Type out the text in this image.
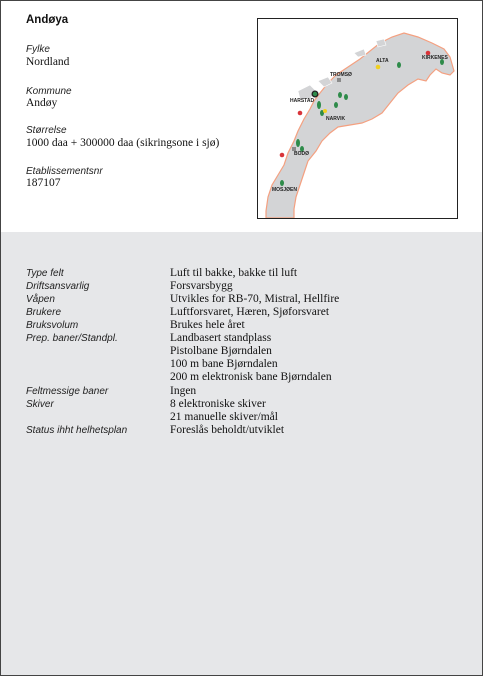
Andøya
Fylke
Nordland
Kommune
Andøy
Størrelse
1000 daa + 300000 daa (sikringsone i sjø)
Etablissementsnr
187107
TROMSØ
ALTA	KIRKENES
HARSTAD
NARVIK
BODØ
MOSJØEN
Type felt	Luft til bakke, bakke til luft
Driftsansvarlig	Forsvarsbygg
Våpen	Utvikles for RB-70, Mistral, Hellfire
Brukere	Luftforsvaret, Hæren, Sjøforsvaret
Bruksvolum	Brukes hele året
Prep. baner/Standpl.	Landbasert standplass
Pistolbane Bjørndalen
100 m bane Bjørndalen
200 m elektronisk bane Bjørndalen
Feltmessige baner	Ingen
Skiver	8 elektroniske skiver
21 manuelle skiver/mål
Status ihht helhetsplan	Foreslås beholdt/utviklet
